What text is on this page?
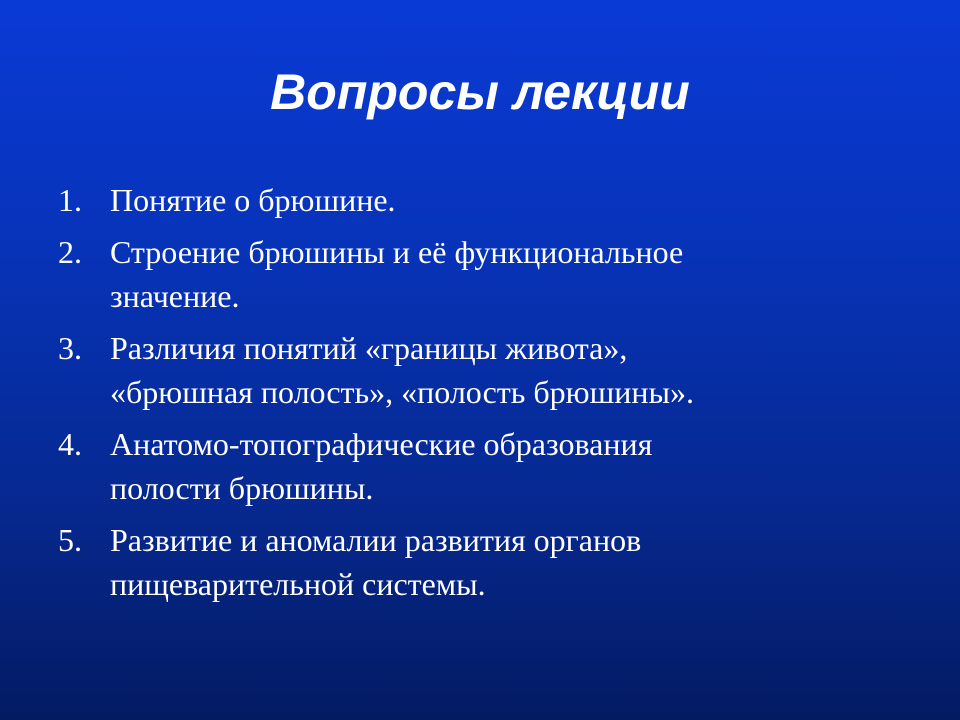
Вопросы лекции
1. Понятие о брюшине.
2. Строение брюшины и её функциональное
значение.
3. Различия понятий «границы живота»,
«брюшная полость», «полость брюшины».
4. Анатомо-топографические образования
полости брюшины.
5. Развитие и аномалии развития органов
пищеварительной системы.
